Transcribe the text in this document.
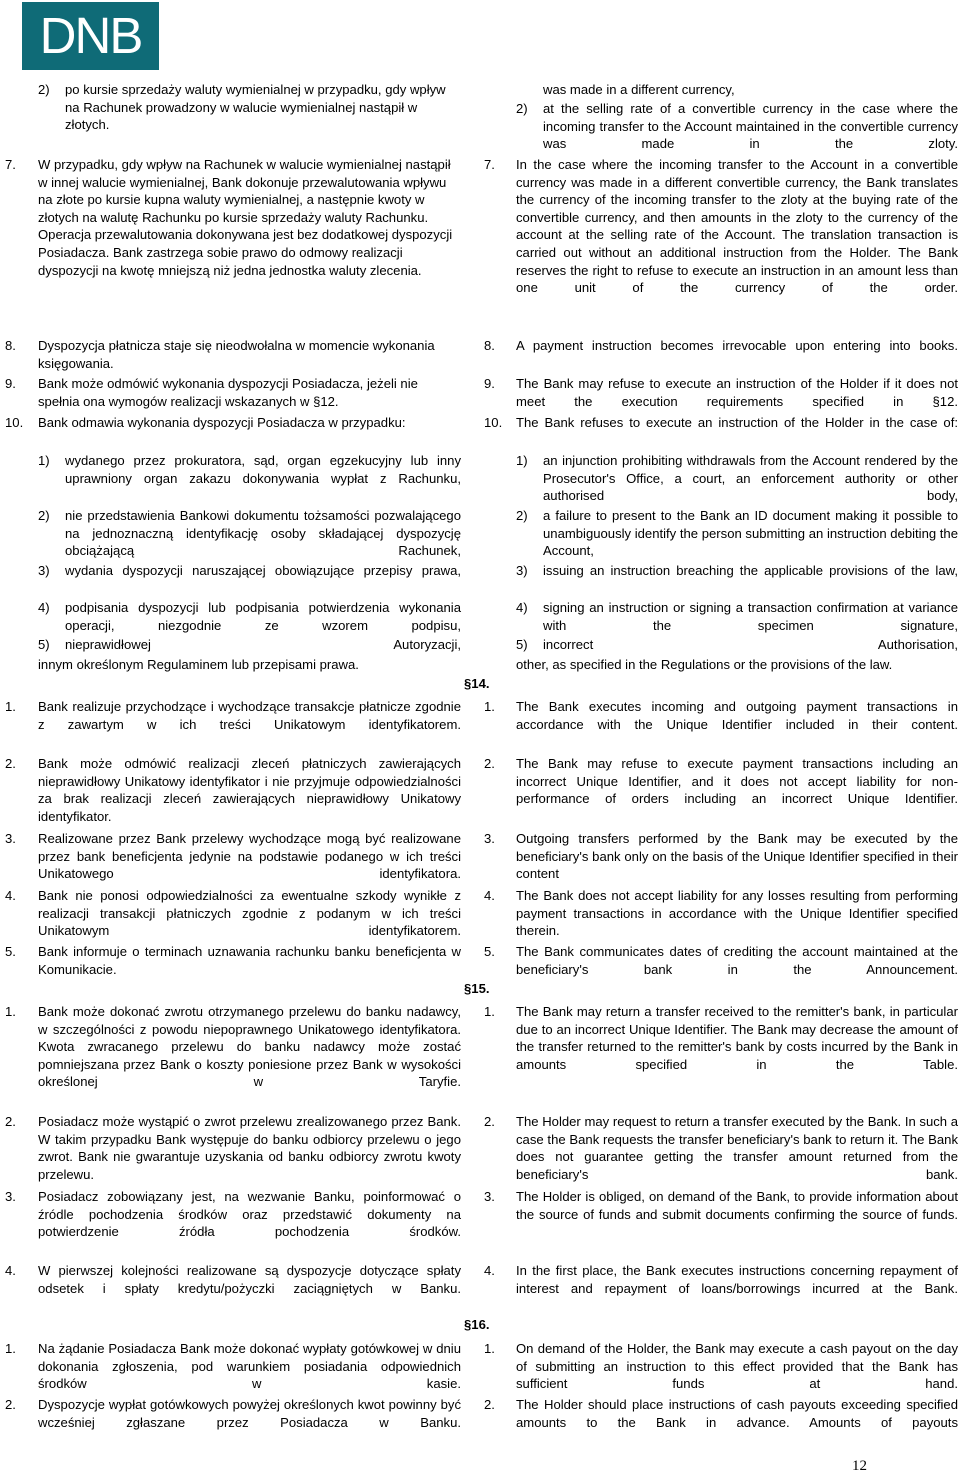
DNB
2) po kursie sprzedaży waluty wymienialnej w przypadku, gdy wpływ na Rachunek prowadzony w walucie wymienialnej nastąpił w złotych.
7. W przypadku, gdy wpływ na Rachunek w walucie wymienialnej nastąpił w innej walucie wymienialnej, Bank dokonuje przewalutowania wpływu na złote po kursie kupna waluty wymienialnej, a następnie kwoty w złotych na walutę Rachunku po kursie sprzedaży waluty Rachunku. Operacja przewalutowania dokonywana jest bez dodatkowej dyspozycji Posiadacza. Bank zastrzega sobie prawo do odmowy realizacji dyspozycji na kwotę mniejszą niż jedna jednostka waluty zlecenia.
8. Dyspozycja płatnicza staje się nieodwołalna w momencie wykonania księgowania.
9. Bank może odmówić wykonania dyspozycji Posiadacza, jeżeli nie spełnia ona wymogów realizacji wskazanych w §12.
10. Bank odmawia wykonania dyspozycji Posiadacza w przypadku:
1) wydanego przez prokuratora, sąd, organ egzekucyjny lub inny uprawniony organ zakazu dokonywania wypłat z Rachunku,
2) nie przedstawienia Bankowi dokumentu tożsamości pozwalającego na jednoznaczną identyfikację osoby składającej dyspozycję obciążającą Rachunek,
3) wydania dyspozycji naruszającej obowiązujące przepisy prawa,
4) podpisania dyspozycji lub podpisania potwierdzenia wykonania operacji, niezgodnie ze wzorem podpisu,
5) nieprawidłowej Autoryzacji,
innym określonym Regulaminem lub przepisami prawa.
1. Bank realizuje przychodzące i wychodzące transakcje płatnicze zgodnie z zawartym w ich treści Unikatowym identyfikatorem.
2. Bank może odmówić realizacji zleceń płatniczych zawierających nieprawidłowy Unikatowy identyfikator i nie przyjmuje odpowiedzialności za brak realizacji zleceń zawierających nieprawidłowy Unikatowy identyfikator.
3. Realizowane przez Bank przelewy wychodzące mogą być realizowane przez bank beneficjenta jedynie na podstawie podanego w ich treści Unikatowego identyfikatora.
4. Bank nie ponosi odpowiedzialności za ewentualne szkody wynikłe z realizacji transakcji płatniczych zgodnie z podanym w ich treści Unikatowym identyfikatorem.
5. Bank informuje o terminach uznawania rachunku banku beneficjenta w Komunikacie.
1. Bank może dokonać zwrotu otrzymanego przelewu do banku nadawcy, w szczególności z powodu niepoprawnego Unikatowego identyfikatora. Kwota zwracanego przelewu do banku nadawcy może zostać pomniejszana przez Bank o koszty poniesione przez Bank w wysokości określonej w Taryfie.
2. Posiadacz może wystąpić o zwrot przelewu zrealizowanego przez Bank. W takim przypadku Bank występuje do banku odbiorcy przelewu o jego zwrot. Bank nie gwarantuje uzyskania od banku odbiorcy zwrotu kwoty przelewu.
3. Posiadacz zobowiązany jest, na wezwanie Banku, poinformować o źródle pochodzenia środków oraz przedstawić dokumenty na potwierdzenie źródła pochodzenia środków.
4. W pierwszej kolejności realizowane są dyspozycje dotyczące spłaty odsetek i spłaty kredytu/pożyczki zaciągniętych w Banku.
1. Na żądanie Posiadacza Bank może dokonać wypłaty gotówkowej w dniu dokonania zgłoszenia, pod warunkiem posiadania odpowiednich środków w kasie.
2. Dyspozycje wypłat gotówkowych powyżej określonych kwot powinny być wcześniej zgłaszane przez Posiadacza w Banku.
was made in a different currency,
2) at the selling rate of a convertible currency in the case where the incoming transfer to the Account maintained in the convertible currency was made in the zloty.
7. In the case where the incoming transfer to the Account in a convertible currency was made in a different convertible currency, the Bank translates the currency of the incoming transfer to the zloty at the buying rate of the convertible currency, and then amounts in the zloty to the currency of the account at the selling rate of the Account. The translation transaction is carried out without an additional instruction from the Holder. The Bank reserves the right to refuse to execute an instruction in an amount less than one unit of the currency of the order.
8. A payment instruction becomes irrevocable upon entering into books.
9. The Bank may refuse to execute an instruction of the Holder if it does not meet the execution requirements specified in §12.
10. The Bank refuses to execute an instruction of the Holder in the case of:
1) an injunction prohibiting withdrawals from the Account rendered by the Prosecutor's Office, a court, an enforcement authority or other authorised body,
2) a failure to present to the Bank an ID document making it possible to unambiguously identify the person submitting an instruction debiting the Account,
3) issuing an instruction breaching the applicable provisions of the law,
4) signing an instruction or signing a transaction confirmation at variance with the specimen signature,
5) incorrect Authorisation,
other, as specified in the Regulations or the provisions of the law.
1. The Bank executes incoming and outgoing payment transactions in accordance with the Unique Identifier included in their content.
2. The Bank may refuse to execute payment transactions including an incorrect Unique Identifier, and it does not accept liability for non-performance of orders including an incorrect Unique Identifier.
3. Outgoing transfers performed by the Bank may be executed by the beneficiary's bank only on the basis of the Unique Identifier specified in their content
4. The Bank does not accept liability for any losses resulting from performing payment transactions in accordance with the Unique Identifier specified therein.
5. The Bank communicates dates of crediting the account maintained at the beneficiary's bank in the Announcement.
1. The Bank may return a transfer received to the remitter's bank, in particular due to an incorrect Unique Identifier. The Bank may decrease the amount of the transfer returned to the remitter's bank by costs incurred by the Bank in amounts specified in the Table.
2. The Holder may request to return a transfer executed by the Bank. In such a case the Bank requests the transfer beneficiary's bank to return it. The Bank does not guarantee getting the transfer amount returned from the beneficiary's bank.
3. The Holder is obliged, on demand of the Bank, to provide information about the source of funds and submit documents confirming the source of funds.
4. In the first place, the Bank executes instructions concerning repayment of interest and repayment of loans/borrowings incurred at the Bank.
1. On demand of the Holder, the Bank may execute a cash payout on the day of submitting an instruction to this effect provided that the Bank has sufficient funds at hand.
2. The Holder should place instructions of cash payouts exceeding specified amounts to the Bank in advance. Amounts of payouts
§14.
§15.
§16.
12
